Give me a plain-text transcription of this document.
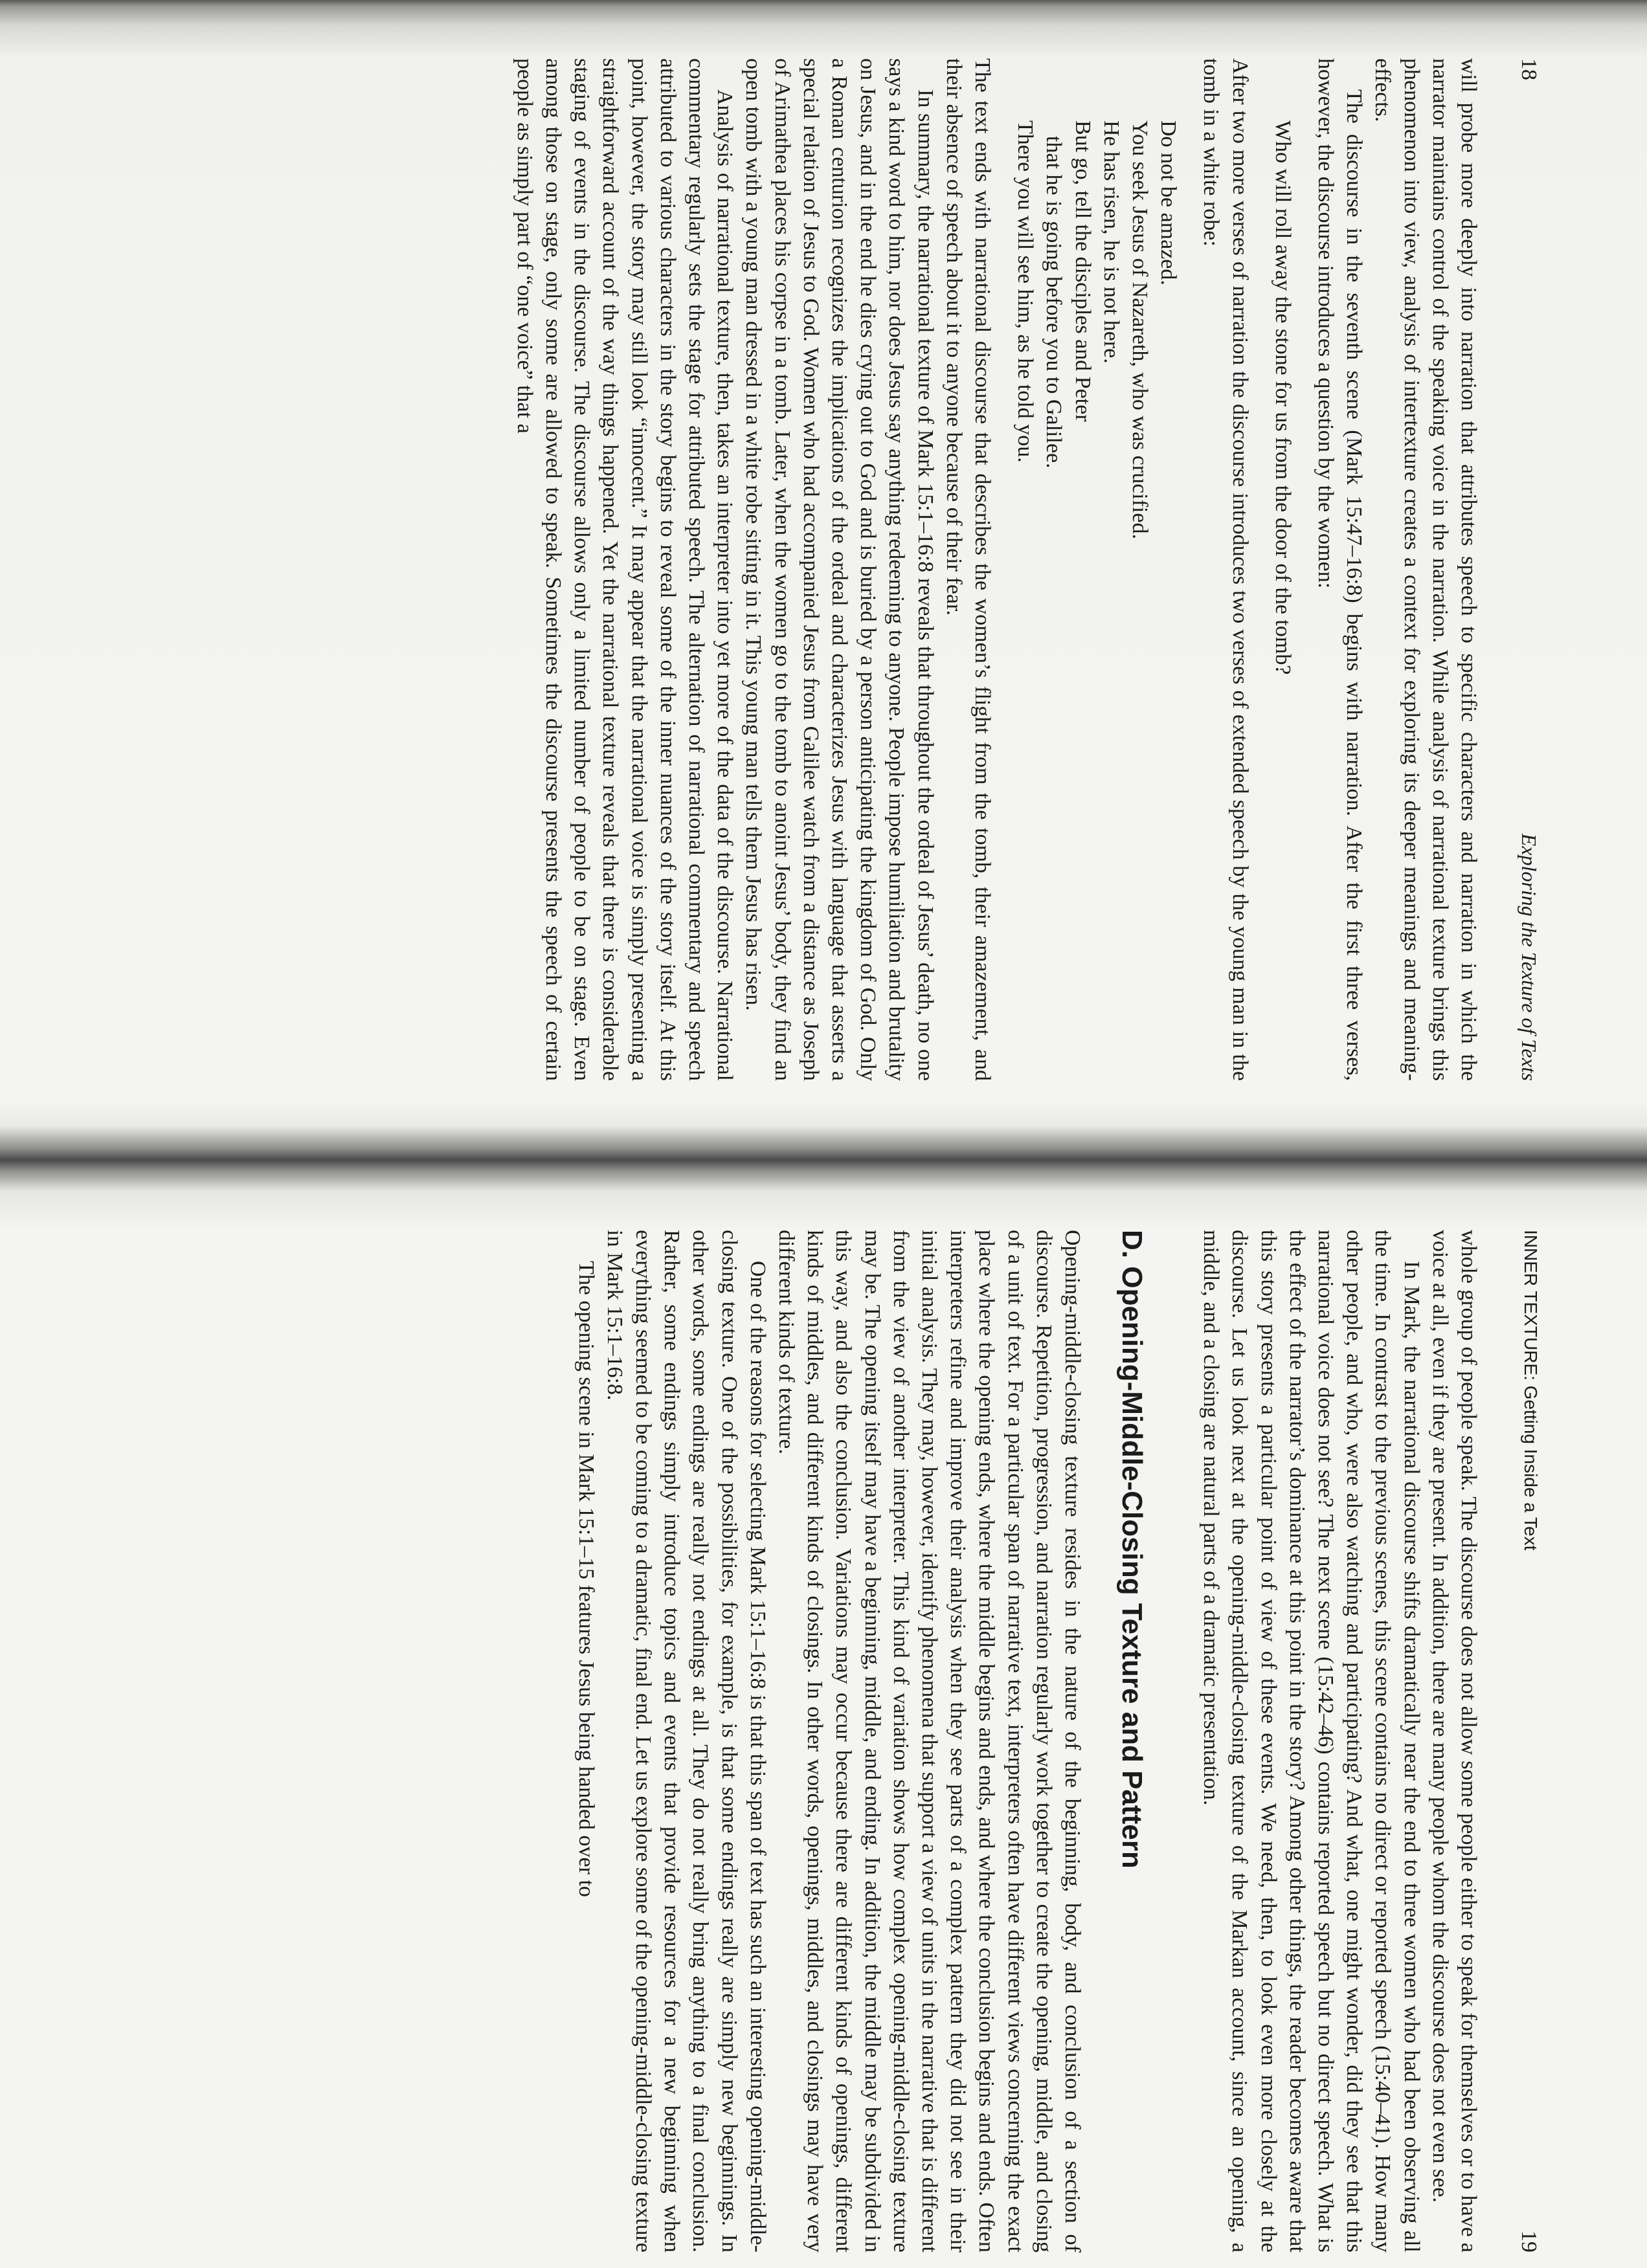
18
Exploring the Texture of Texts

will probe more deeply into narration that attributes speech to specific characters and narration in which the narrator maintains control of the speaking voice in the narration. While analysis of narrational texture brings this phenomenon into view, analysis of intertexture creates a context for exploring its deeper meanings and meaning-effects.

The discourse in the seventh scene (Mark 15:47–16:8) begins with narration. After the first three verses, however, the discourse introduces a question by the women:

Who will roll away the stone for us from the door of the tomb?

After two more verses of narration the discourse introduces two verses of extended speech by the young man in the tomb in a white robe:

Do not be amazed.
You seek Jesus of Nazareth, who was crucified.
He has risen, he is not here.
But go, tell the disciples and Peter
that he is going before you to Galilee.
There you will see him, as he told you.

The text ends with narrational discourse that describes the women’s flight from the tomb, their amazement, and their absence of speech about it to anyone because of their fear.

In summary, the narrational texture of Mark 15:1–16:8 reveals that throughout the ordeal of Jesus’ death, no one says a kind word to him, nor does Jesus say anything redeeming to anyone. People impose humiliation and brutality on Jesus, and in the end he dies crying out to God and is buried by a person anticipating the kingdom of God. Only a Roman centurion recognizes the implications of the ordeal and characterizes Jesus with language that asserts a special relation of Jesus to God. Women who had accompanied Jesus from Galilee watch from a distance as Joseph of Arimathea places his corpse in a tomb. Later, when the women go to the tomb to anoint Jesus’ body, they find an open tomb with a young man dressed in a white robe sitting in it. This young man tells them Jesus has risen.

Analysis of narrational texture, then, takes an interpreter into yet more of the data of the discourse. Narrational commentary regularly sets the stage for attributed speech. The alternation of narrational commentary and speech attributed to various characters in the story begins to reveal some of the inner nuances of the story itself. At this point, however, the story may still look “innocent.” It may appear that the narrational voice is simply presenting a straightforward account of the way things happened. Yet the narrational texture reveals that there is considerable staging of events in the discourse. The discourse allows only a limited number of people to be on stage. Even among those on stage, only some are allowed to speak. Sometimes the discourse presents the speech of certain people as simply part of “one voice” that a

INNER TEXTURE: Getting Inside a Text
19

whole group of people speak. The discourse does not allow some people either to speak for themselves or to have a voice at all, even if they are present. In addition, there are many people whom the discourse does not even see.

In Mark, the narrational discourse shifts dramatically near the end to three women who had been observing all the time. In contrast to the previous scenes, this scene contains no direct or reported speech (15:40–41). How many other people, and who, were also watching and participating? And what, one might wonder, did they see that this narrational voice does not see? The next scene (15:42–46) contains reported speech but no direct speech. What is the effect of the narrator’s dominance at this point in the story? Among other things, the reader becomes aware that this story presents a particular point of view of these events. We need, then, to look even more closely at the discourse. Let us look next at the opening-middle-closing texture of the Markan account, since an opening, a middle, and a closing are natural parts of a dramatic presentation.

D. Opening-Middle-Closing Texture and Pattern

Opening-middle-closing texture resides in the nature of the beginning, body, and conclusion of a section of discourse. Repetition, progression, and narration regularly work together to create the opening, middle, and closing of a unit of text. For a particular span of narrative text, interpreters often have different views concerning the exact place where the opening ends, where the middle begins and ends, and where the conclusion begins and ends. Often interpreters refine and improve their analysis when they see parts of a complex pattern they did not see in their initial analysis. They may, however, identify phenomena that support a view of units in the narrative that is different from the view of another interpreter. This kind of variation shows how complex opening-middle-closing texture may be. The opening itself may have a beginning, middle, and ending. In addition, the middle may be subdivided in this way, and also the conclusion. Variations may occur because there are different kinds of openings, different kinds of middles, and different kinds of closings. In other words, openings, middles, and closings may have very different kinds of texture.

One of the reasons for selecting Mark 15:1–16:8 is that this span of text has such an interesting opening-middle-closing texture. One of the possibilities, for example, is that some endings really are simply new beginnings. In other words, some endings are really not endings at all. They do not really bring anything to a final conclusion. Rather, some endings simply introduce topics and events that provide resources for a new beginning when everything seemed to be coming to a dramatic, final end. Let us explore some of the opening-middle-closing texture in Mark 15:1–16:8.

The opening scene in Mark 15:1–15 features Jesus being handed over to
